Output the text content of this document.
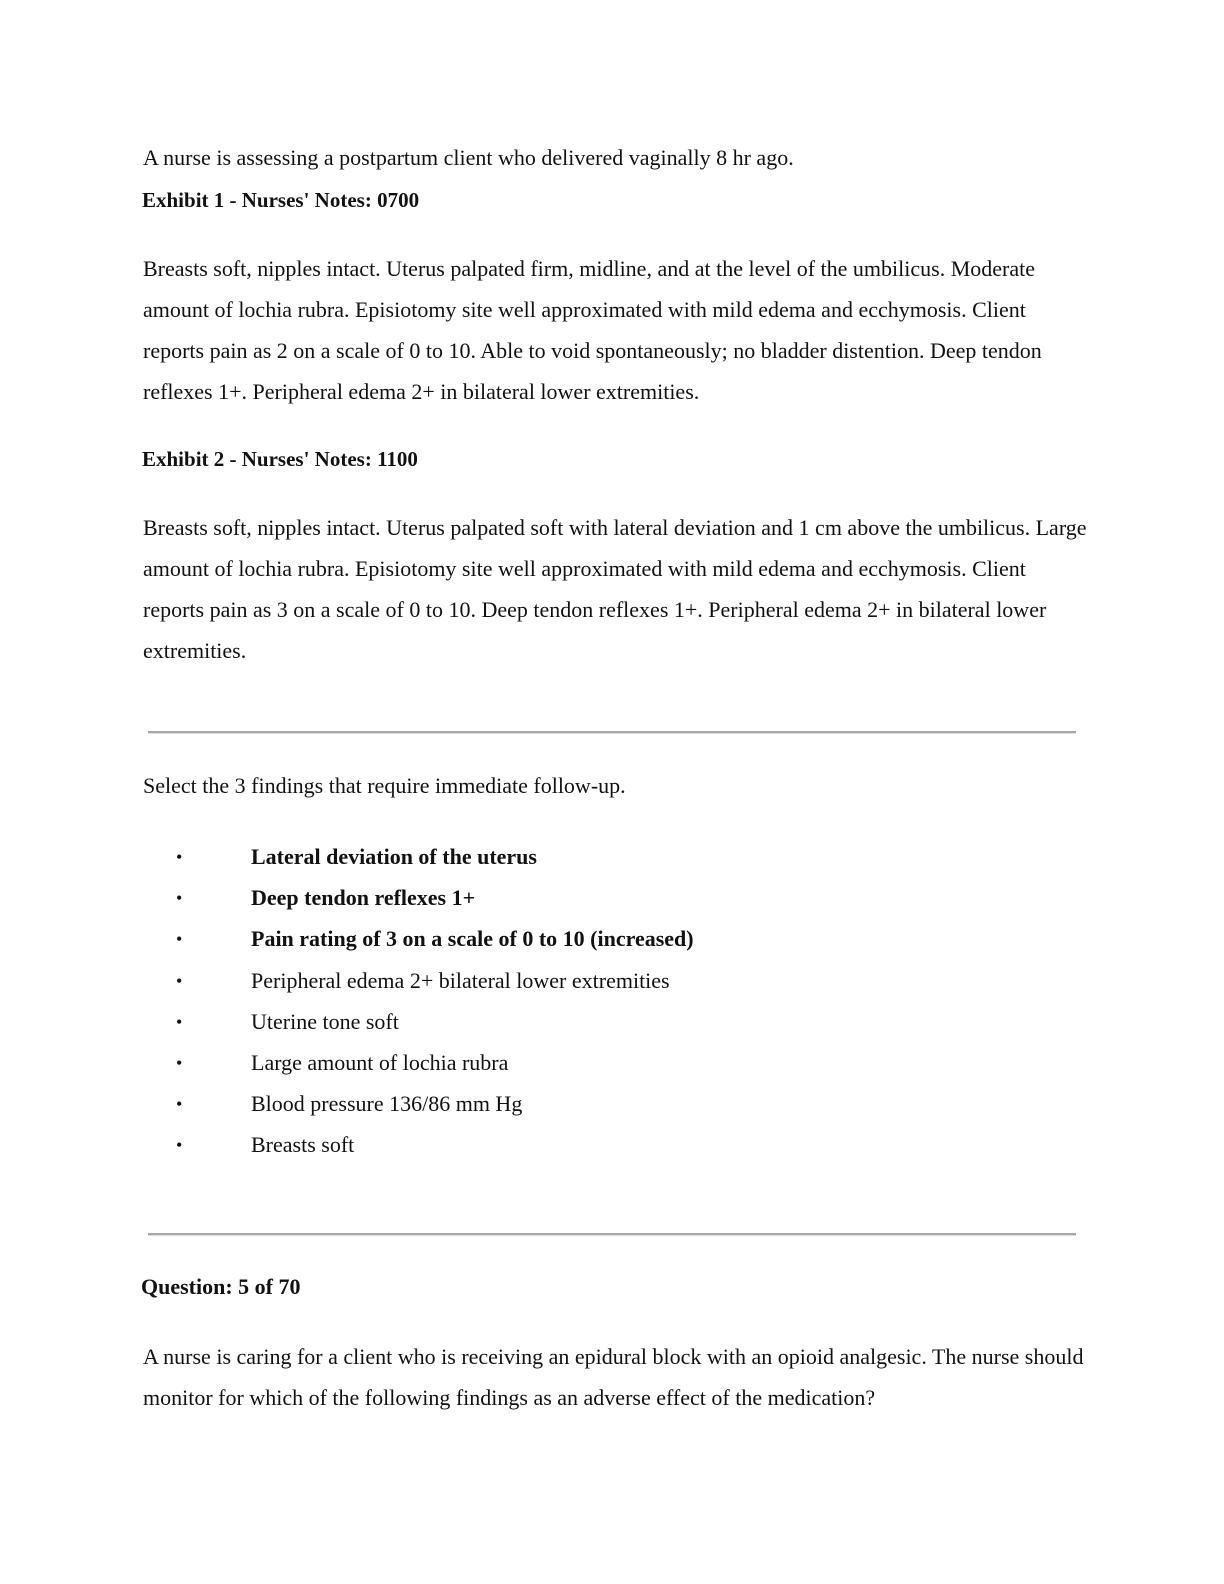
A nurse is assessing a postpartum client who delivered vaginally 8 hr ago.

Exhibit 1 - Nurses' Notes: 0700

Breasts soft, nipples intact. Uterus palpated firm, midline, and at the level of the umbilicus. Moderate amount of lochia rubra. Episiotomy site well approximated with mild edema and ecchymosis. Client reports pain as 2 on a scale of 0 to 10. Able to void spontaneously; no bladder distention. Deep tendon reflexes 1+. Peripheral edema 2+ in bilateral lower extremities.

Exhibit 2 - Nurses' Notes: 1100

Breasts soft, nipples intact. Uterus palpated soft with lateral deviation and 1 cm above the umbilicus. Large amount of lochia rubra. Episiotomy site well approximated with mild edema and ecchymosis. Client reports pain as 3 on a scale of 0 to 10. Deep tendon reflexes 1+. Peripheral edema 2+ in bilateral lower extremities.

Select the 3 findings that require immediate follow-up.

•	Lateral deviation of the uterus
•	Deep tendon reflexes 1+
•	Pain rating of 3 on a scale of 0 to 10 (increased)
•	Peripheral edema 2+ bilateral lower extremities
•	Uterine tone soft
•	Large amount of lochia rubra
•	Blood pressure 136/86 mm Hg
•	Breasts soft

Question: 5 of 70

A nurse is caring for a client who is receiving an epidural block with an opioid analgesic. The nurse should monitor for which of the following findings as an adverse effect of the medication?
